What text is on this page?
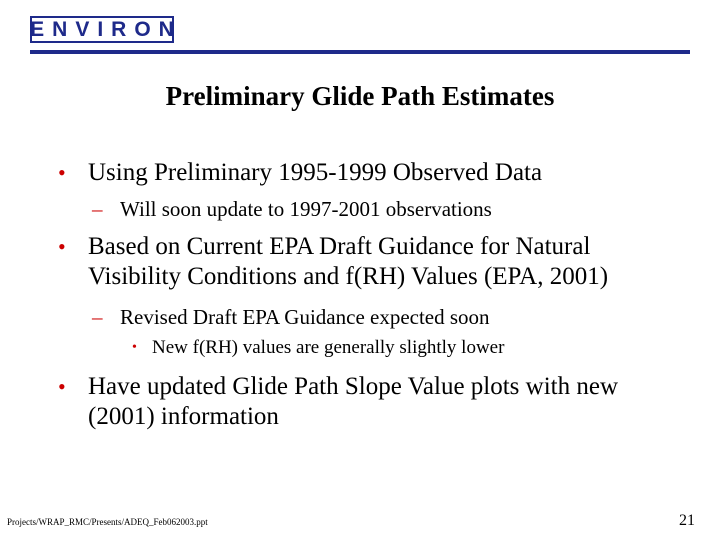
ENVIRON
Preliminary Glide Path Estimates
• Using Preliminary 1995-1999 Observed Data
– Will soon update to 1997-2001 observations
• Based on Current EPA Draft Guidance for Natural Visibility Conditions and f(RH) Values (EPA, 2001)
– Revised Draft EPA Guidance expected soon
• New f(RH) values are generally slightly lower
• Have updated Glide Path Slope Value plots with new (2001) information
Projects/WRAP_RMC/Presents/ADEQ_Feb062003.ppt	21
